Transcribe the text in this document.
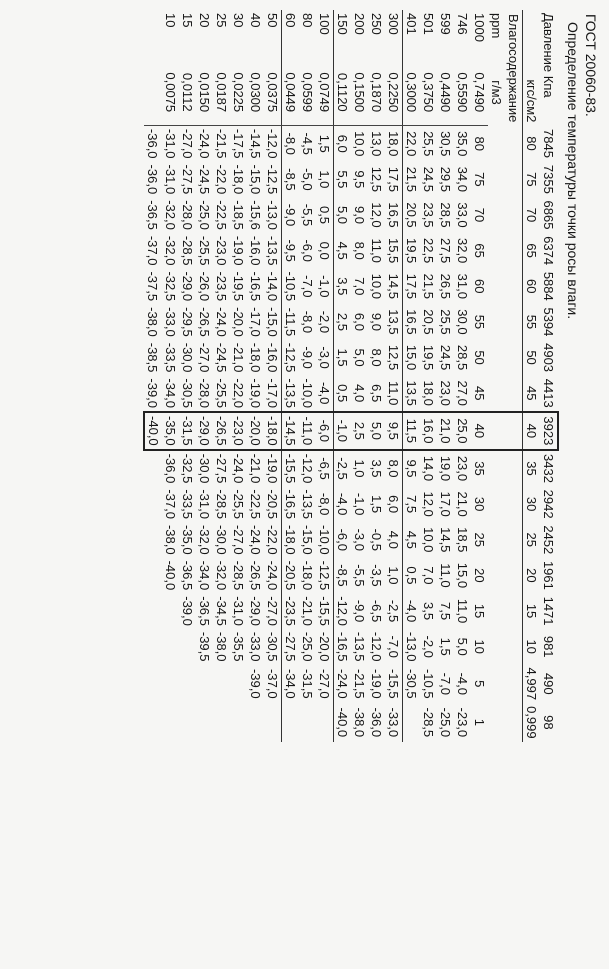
ГОСТ 20060-83.
Определение температуры точки росы влаги.
Давление Кпа		7845	7355	6865	6374	5884	5394	4903	4413	3923	3432	2942	2452	1961	1471	981	490	98
кгс/см2		80	75	70	65	60	55	50	45	40	35	30	25	20	15	10	4,997	0,999
Влагосодержание																		
ppm	г/м3																	
1000	0,7490	80	75	70	65	60	55	50	45	40	35	30	25	20	15	10	5	1
746	0,5590	35,0	34,0	33,0	32,0	31,0	30,0	28,5	27,0	25,0	23,0	21,0	18,5	15,0	11,0	5,0	-4,0	-23,0
599	0,4490	30,5	29,5	28,5	27,5	26,5	25,5	24,5	23,0	21,0	19,0	17,0	14,5	11,0	7,5	1,5	-7,0	-25,0
501	0,3750	25,5	24,5	23,5	22,5	21,5	20,5	19,5	18,0	16,0	14,0	12,0	10,0	7,0	3,5	-2,0	-10,5	-28,5
401	0,3000	22,0	21,5	20,5	19,5	17,5	16,5	15,0	13,5	11,5	9,5	7,5	4,5	0,5	-4,0	-13,0	-30,5	
300	0,2250	18,0	17,5	16,5	15,5	14,5	13,5	12,5	11,0	9,5	8,0	6,0	4,0	1,0	-2,5	-7,0	-15,5	-33,0
250	0,1870	13,0	12,5	12,0	11,0	10,0	9,0	8,0	6,5	5,0	3,5	1,5	-0,5	-3,5	-6,5	-12,0	-19,0	-36,0
200	0,1500	10,0	9,5	9,0	8,0	7,0	6,0	5,0	4,0	2,5	1,0	-1,0	-3,0	-5,5	-9,0	-13,5	-21,5	-38,0
150	0,1120	6,0	5,5	5,0	4,5	3,5	2,5	1,5	0,5	-1,0	-2,5	-4,0	-6,0	-8,5	-12,0	-16,5	-24,0	-40,0
100	0,0749	1,5	1,0	0,5	0,0	-1,0	-2,0	-3,0	-4,0	-6,0	-6,5	-8,0	-10,0	-12,5	-15,5	-20,0	-27,0	
80	0,0599	-4,5	-5,0	-5,5	-6,0	-7,0	-8,0	-9,0	-10,0	-11,0	-12,0	-13,5	-15,0	-18,0	-21,0	-25,0	-31,5	
60	0,0449	-8,0	-8,5	-9,0	-9,5	-10,5	-11,5	-12,5	-13,5	-14,5	-15,5	-16,5	-18,0	-20,5	-23,5	-27,5	-34,0	
50	0,0375	-12,0	-12,5	-13,0	-13,5	-14,0	-15,0	-16,0	-17,0	-18,0	-19,0	-20,5	-22,0	-24,0	-27,0	-30,5	-37,0	
40	0,0300	-14,5	-15,0	-15,6	-16,0	-16,5	-17,0	-18,0	-19,0	-20,0	-21,0	-22,5	-24,0	-26,5	-29,0	-33,0	-39,0	
30	0,0225	-17,5	-18,0	-18,5	-19,0	-19,5	-20,0	-21,0	-22,0	-23,0	-24,0	-25,5	-27,0	-28,5	-31,0	-35,5		
25	0,0187	-21,5	-22,0	-22,5	-23,0	-23,5	-24,0	-24,5	-25,5	-26,5	-27,5	-28,5	-30,0	-32,0	-34,5	-38,0		
20	0,0150	-24,0	-24,5	-25,0	-25,5	-26,0	-26,5	-27,0	-28,0	-29,0	-30,0	-31,0	-32,0	-34,0	-36,5	-39,5		
15	0,0112	-27,0	-27,5	-28,0	-28,5	-29,0	-29,5	-30,0	-30,5	-31,5	-32,5	-33,5	-35,0	-36,5	-39,0			
10	0,0075	-31,0	-31,0	-32,0	-32,0	-32,5	-33,0	-33,5	-34,0	-35,0	-36,0	-37,0	-38,0	-40,0				
		-36,0	-36,0	-36,5	-37,0	-37,5	-38,0	-38,5	-39,0	-40,0								
